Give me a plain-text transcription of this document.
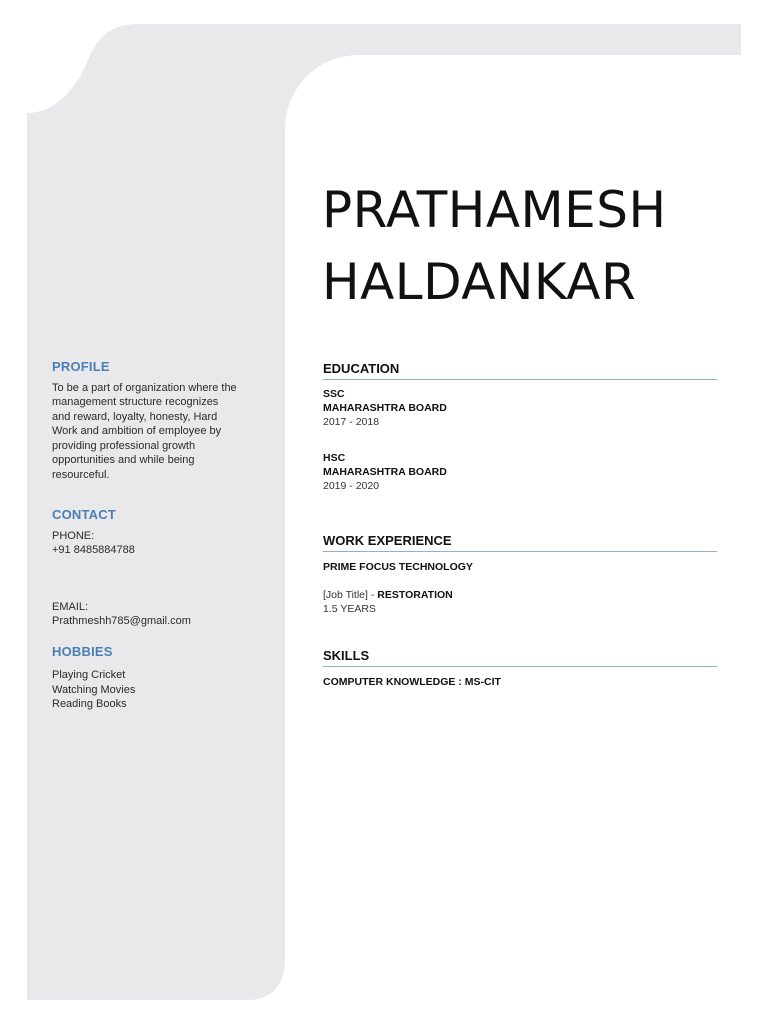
PRATHAMESH
HALDANKAR

PROFILE

To be a part of organization where the
management structure recognizes
and reward, loyalty, honesty, Hard
Work and ambition of employee by
providing professional growth
opportunities and while being
resourceful.

CONTACT

PHONE:
+91 8485884788

EMAIL:
Prathmeshh785@gmail.com

HOBBIES

Playing Cricket
Watching Movies
Reading Books

EDUCATION

SSC
MAHARASHTRA BOARD
2017 - 2018

HSC
MAHARASHTRA BOARD
2019 - 2020

WORK EXPERIENCE

PRIME FOCUS TECHNOLOGY

[Job Title] - RESTORATION
1.5 YEARS

SKILLS

COMPUTER KNOWLEDGE : MS-CIT
